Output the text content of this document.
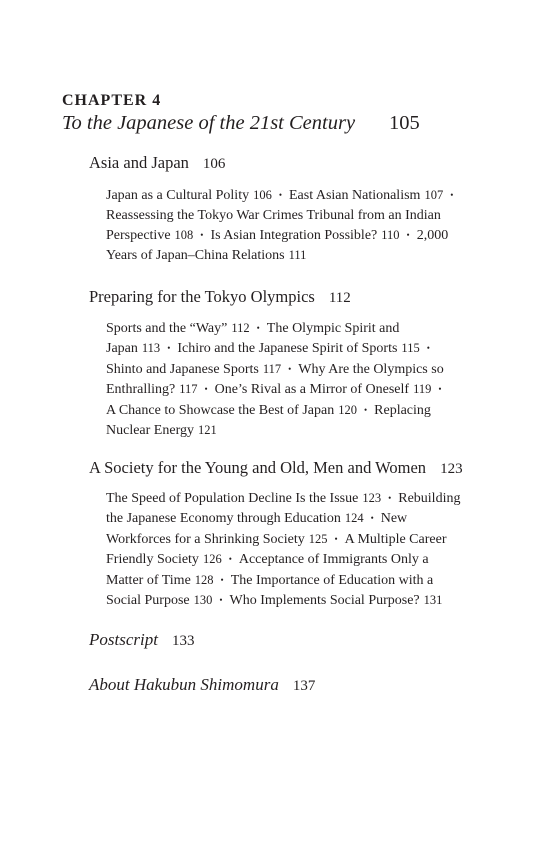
CHAPTER 4
To the Japanese of the 21st Century 105
Asia and Japan 106
Japan as a Cultural Polity 106 • East Asian Nationalism 107 •
Reassessing the Tokyo War Crimes Tribunal from an Indian
Perspective 108 • Is Asian Integration Possible? 110 • 2,000
Years of Japan–China Relations 111
Preparing for the Tokyo Olympics 112
Sports and the “Way” 112 • The Olympic Spirit and
Japan 113 • Ichiro and the Japanese Spirit of Sports 115 •
Shinto and Japanese Sports 117 • Why Are the Olympics so
Enthralling? 117 • One’s Rival as a Mirror of Oneself 119 •
A Chance to Showcase the Best of Japan 120 • Replacing
Nuclear Energy 121
A Society for the Young and Old, Men and Women 123
The Speed of Population Decline Is the Issue 123 • Rebuilding
the Japanese Economy through Education 124 • New
Workforces for a Shrinking Society 125 • A Multiple Career
Friendly Society 126 • Acceptance of Immigrants Only a
Matter of Time 128 • The Importance of Education with a
Social Purpose 130 • Who Implements Social Purpose? 131
Postscript 133
About Hakubun Shimomura 137
